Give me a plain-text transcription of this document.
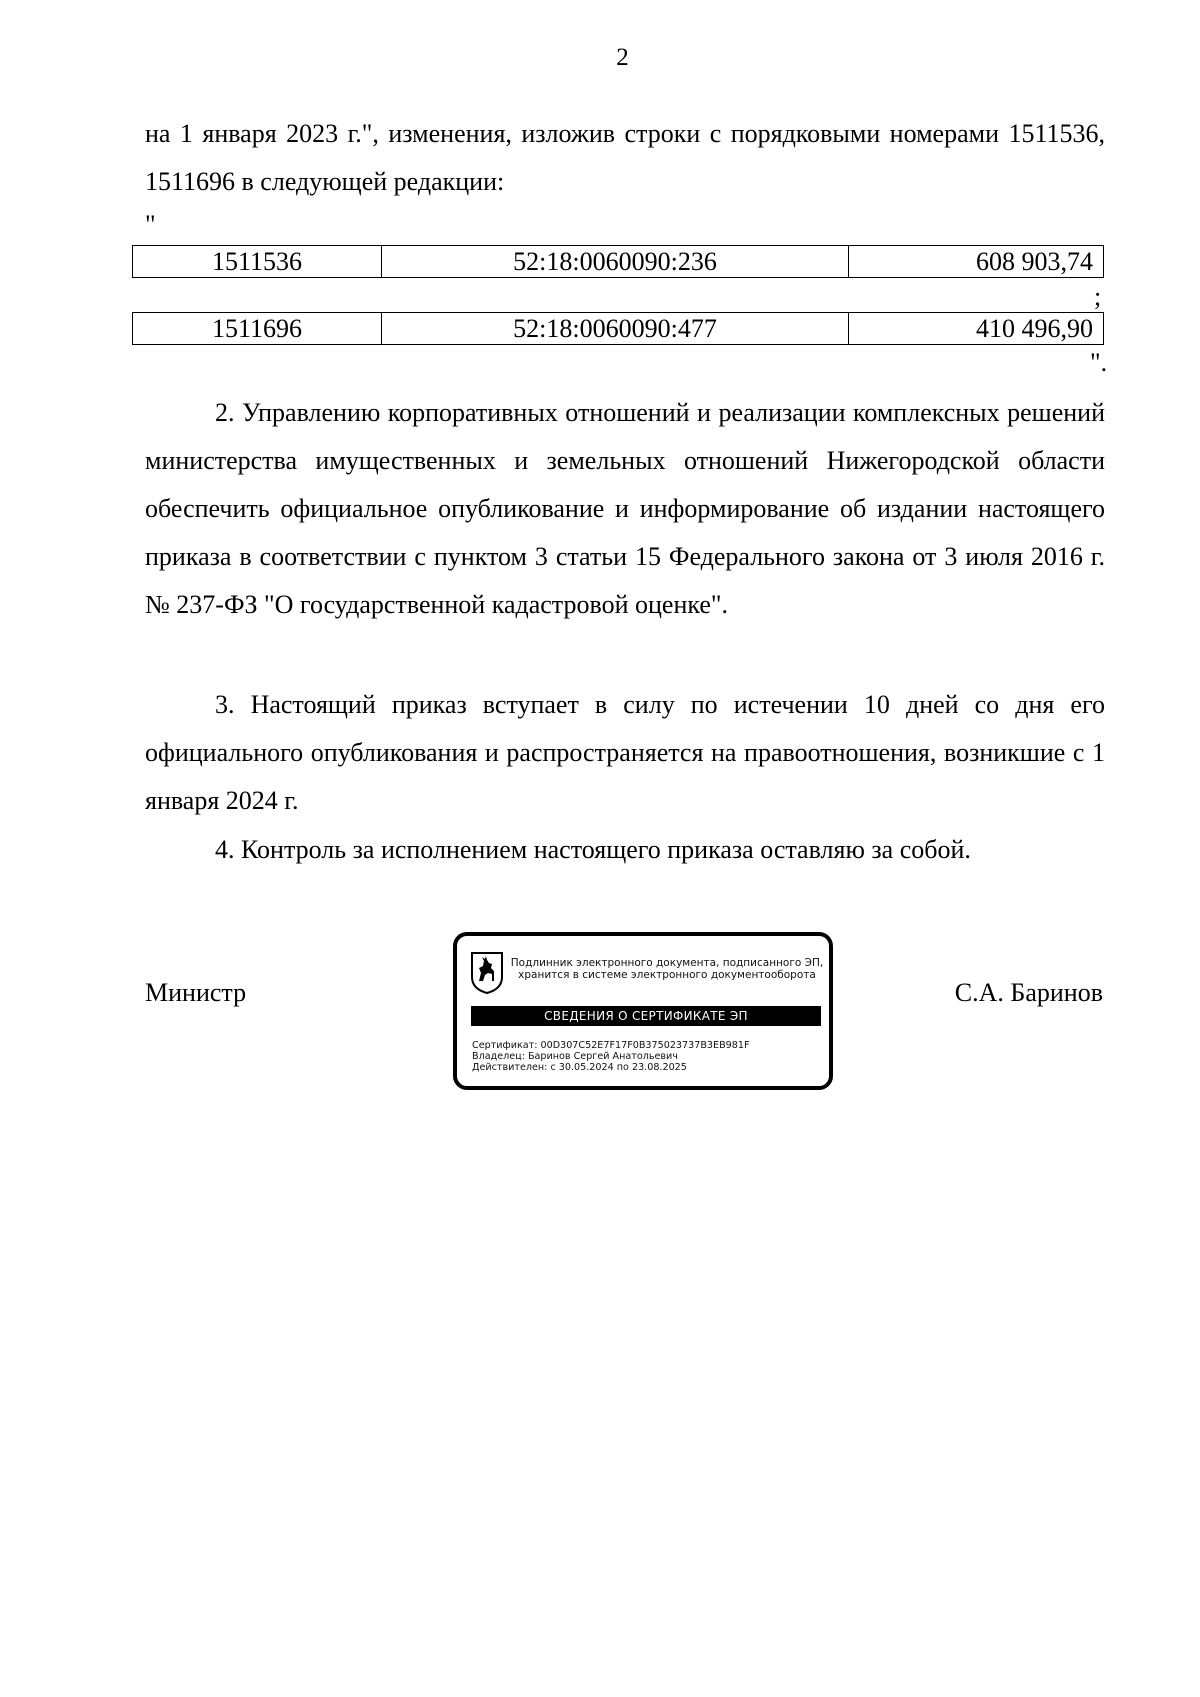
2
на 1 января 2023 г.", изменения, изложив строки с порядковыми номерами 1511536, 1511696 в следующей редакции:
"
1511536	52:18:0060090:236	608 903,74
;
1511696	52:18:0060090:477	410 496,90
".
2. Управлению корпоративных отношений и реализации комплексных решений министерства имущественных и земельных отношений Нижегородской области обеспечить официальное опубликование и информирование об издании настоящего приказа в соответствии с пунктом 3 статьи 15 Федерального закона от 3 июля 2016 г. № 237-ФЗ "О государственной кадастровой оценке".
3. Настоящий приказ вступает в силу по истечении 10 дней со дня его официального опубликования и распространяется на правоотношения, возникшие с 1 января 2024 г.
4. Контроль за исполнением настоящего приказа оставляю за собой.
Министр	С.А. Баринов
Подлинник электронного документа, подписанного ЭП,
хранится в системе электронного документооборота
СВЕДЕНИЯ О СЕРТИФИКАТЕ ЭП
Сертификат: 00D307C52E7F17F0B375023737B3EB981F
Владелец: Баринов Сергей Анатольевич
Действителен: с 30.05.2024 по 23.08.2025
